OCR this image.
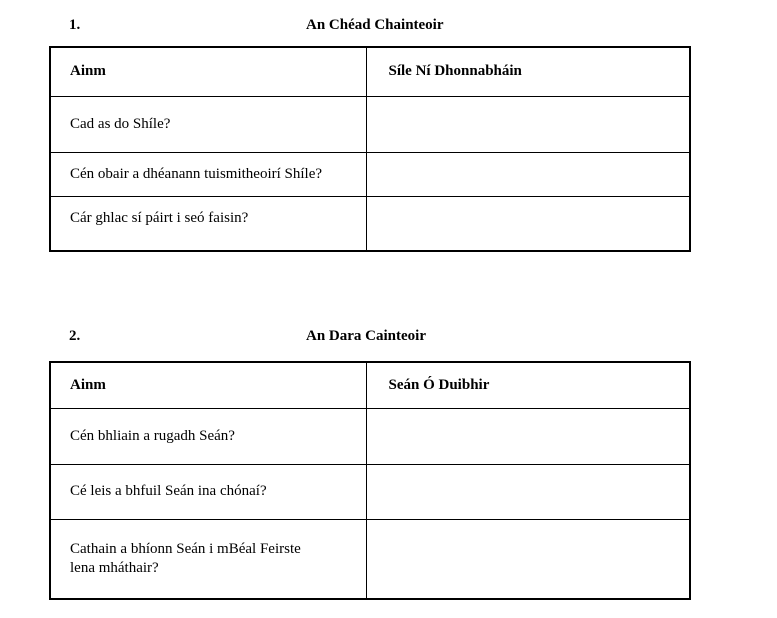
1.	An Chéad Chainteoir
Ainm	Síle Ní Dhonnabháin
Cad as do Shíle?	
Cén obair a dhéanann tuismitheoirí Shíle?	
Cár ghlac sí páirt i seó faisin?	
2.	An Dara Cainteoir
Ainm	Seán Ó Duibhir
Cén bhliain a rugadh Seán?	
Cé leis a bhfuil Seán ina chónaí?	
Cathain a bhíonn Seán i mBéal Feirste lena mháthair?	
